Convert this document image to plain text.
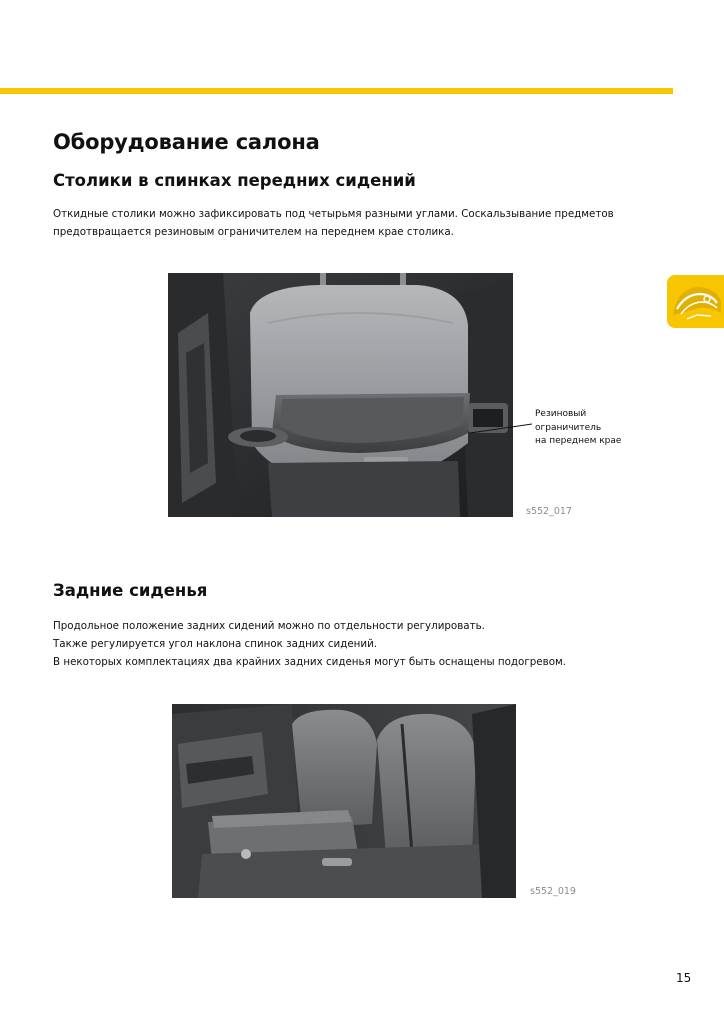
Оборудование салона
Столики в спинках передних сидений

Откидные столики можно зафиксировать под четырьмя разными углами. Соскальзывание предметов
предотвращается резиновым ограничителем на переднем крае столика.

Резиновый
ограничитель
на переднем крае
s552_017
Задние сиденья

Продольное положение задних сидений можно по отдельности регулировать.
Также регулируется угол наклона спинок задних сидений.
В некоторых комплектациях два крайних задних сиденья могут быть оснащены подогревом.

s552_019
15
